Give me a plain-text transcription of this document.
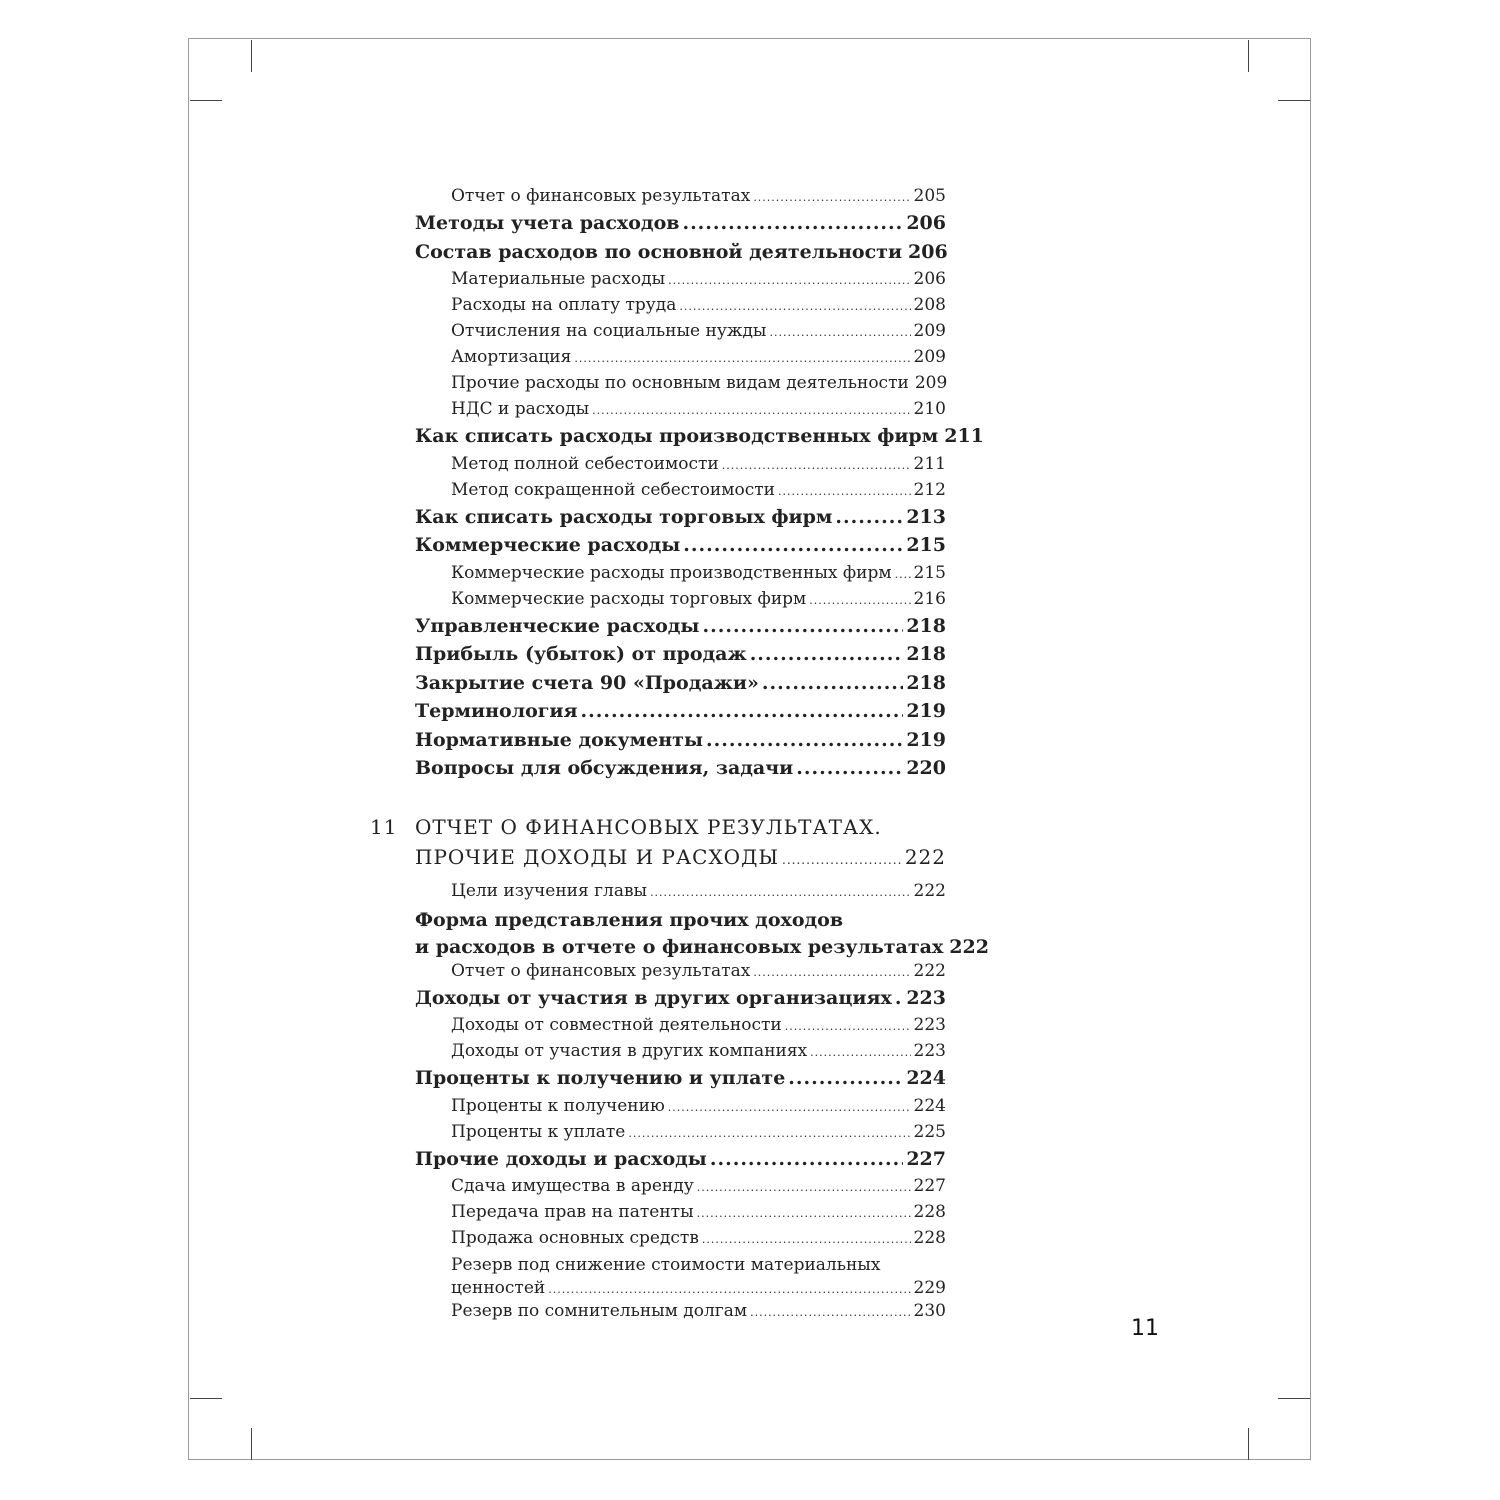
Отчет о финансовых результатах .....	205
Методы учета расходов .....	206
Состав расходов по основной деятельности 206
Материальные расходы .....	206
Расходы на оплату труда .....	208
Отчисления на социальные нужды .....	209
Амортизация .....	209
Прочие расходы по основным видам деятельности 209
НДС и расходы .....	210
Как списать расходы производственных фирм 211
Метод полной себестоимости .....	211
Метод сокращенной себестоимости .....	212
Как списать расходы торговых фирм .....	213
Коммерческие расходы .....	215
Коммерческие расходы производственных фирм ..... 215
Коммерческие расходы торговых фирм .....	216
Управленческие расходы .....	218
Прибыль (убыток) от продаж .....	218
Закрытие счета 90 «Продажи» .....	218
Терминология .....	219
Нормативные документы .....	219
Вопросы для обсуждения, задачи .....	220
11 ОТЧЕТ О ФИНАНСОВЫХ РЕЗУЛЬТАТАХ.
ПРОЧИЕ ДОХОДЫ И РАСХОДЫ .....	222
Цели изучения главы .....	222
Форма представления прочих доходов
и расходов в отчете о финансовых результатах 222
Отчет о финансовых результатах .....	222
Доходы от участия в других организациях ..... 223
Доходы от совместной деятельности .....	223
Доходы от участия в других компаниях .....	223
Проценты к получению и уплате .....	224
Проценты к получению .....	224
Проценты к уплате .....	225
Прочие доходы и расходы .....	227
Сдача имущества в аренду .....	227
Передача прав на патенты .....	228
Продажа основных средств .....	228
Резерв под снижение стоимости материальных
ценностей .....	229
Резерв по сомнительным долгам .....	230
11
